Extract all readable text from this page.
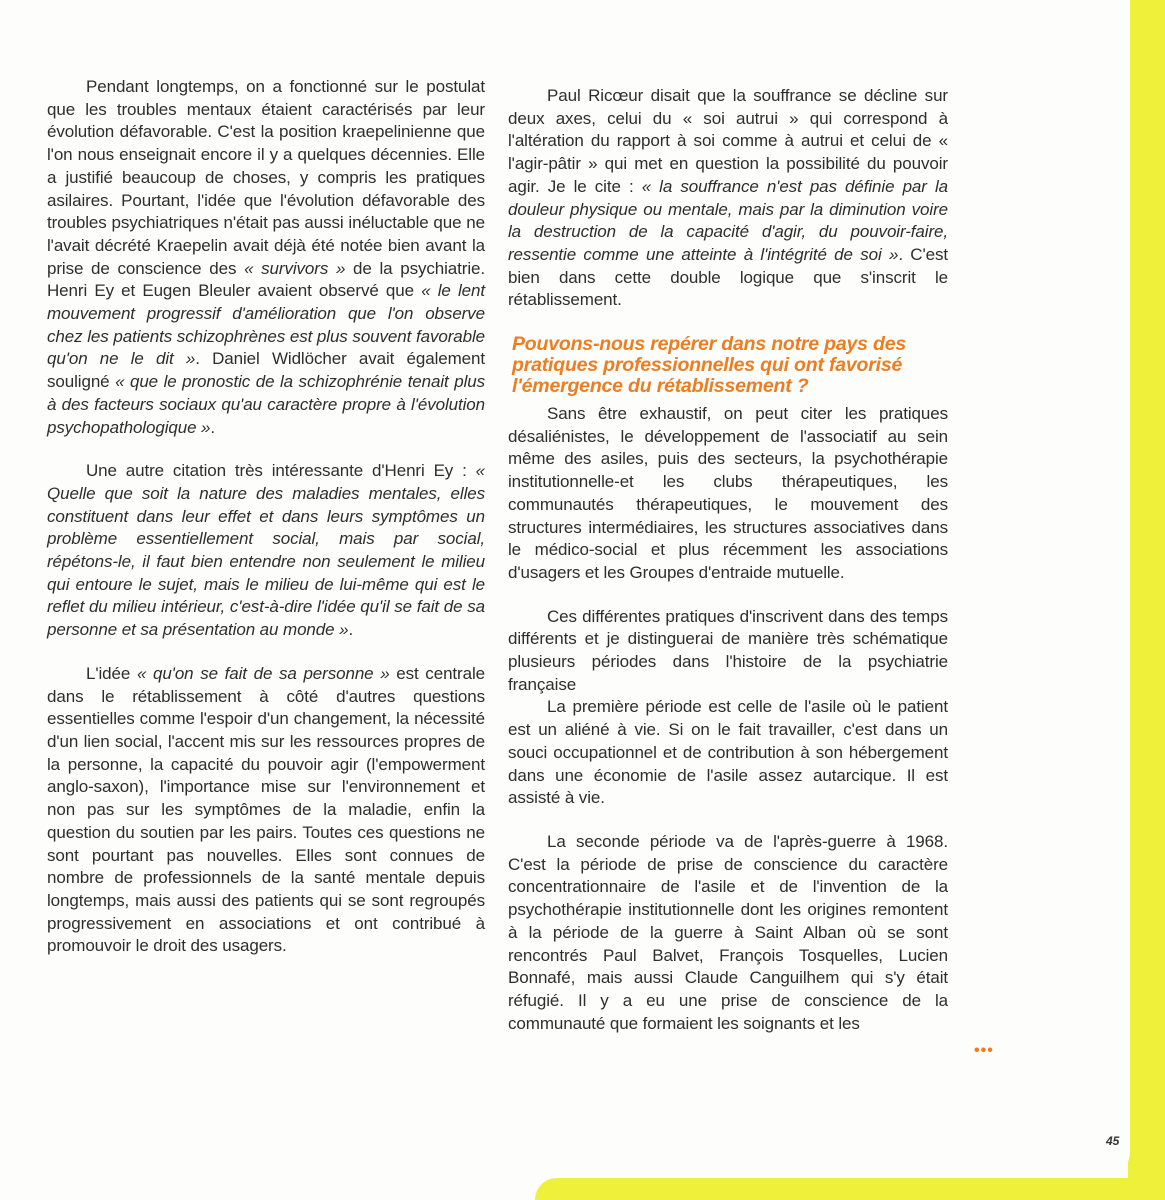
Pendant longtemps, on a fonctionné sur le postulat que les troubles mentaux étaient caractérisés par leur évolution défavorable. C'est la position kraepelinienne que l'on nous enseignait encore il y a quelques décennies. Elle a justifié beaucoup de choses, y compris les pratiques asilaires. Pourtant, l'idée que l'évolution défavorable des troubles psychiatriques n'était pas aussi inéluctable que ne l'avait décrété Kraepelin avait déjà été notée bien avant la prise de conscience des « survivors » de la psychiatrie. Henri Ey et Eugen Bleuler avaient observé que « le lent mouvement progressif d'amélioration que l'on observe chez les patients schizophrènes est plus souvent favorable qu'on ne le dit ». Daniel Widlöcher avait également souligné « que le pronostic de la schizophrénie tenait plus à des facteurs sociaux qu'au caractère propre à l'évolution psychopathologique ».

Une autre citation très intéressante d'Henri Ey : « Quelle que soit la nature des maladies mentales, elles constituent dans leur effet et dans leurs symptômes un problème essentiellement social, mais par social, répétons-le, il faut bien entendre non seulement le milieu qui entoure le sujet, mais le milieu de lui-même qui est le reflet du milieu intérieur, c'est-à-dire l'idée qu'il se fait de sa personne et sa présentation au monde ».

L'idée « qu'on se fait de sa personne » est centrale dans le rétablissement à côté d'autres questions essentielles comme l'espoir d'un changement, la nécessité d'un lien social, l'accent mis sur les ressources propres de la personne, la capacité du pouvoir agir (l'empowerment anglo-saxon), l'importance mise sur l'environnement et non pas sur les symptômes de la maladie, enfin la question du soutien par les pairs. Toutes ces questions ne sont pourtant pas nouvelles. Elles sont connues de nombre de professionnels de la santé mentale depuis longtemps, mais aussi des patients qui se sont regroupés progressivement en associations et ont contribué à promouvoir le droit des usagers.

Paul Ricœur disait que la souffrance se décline sur deux axes, celui du « soi autrui » qui correspond à l'altération du rapport à soi comme à autrui et celui de « l'agir-pâtir » qui met en question la possibilité du pouvoir agir. Je le cite : « la souffrance n'est pas définie par la douleur physique ou mentale, mais par la diminution voire la destruction de la capacité d'agir, du pouvoir-faire, ressentie comme une atteinte à l'intégrité de soi ». C'est bien dans cette double logique que s'inscrit le rétablissement.

Pouvons-nous repérer dans notre pays des pratiques professionnelles qui ont favorisé l'émergence du rétablissement ?

Sans être exhaustif, on peut citer les pratiques désaliénistes, le développement de l'associatif au sein même des asiles, puis des secteurs, la psychothérapie institutionnelle-et les clubs thérapeutiques, les communautés thérapeutiques, le mouvement des structures intermédiaires, les structures associatives dans le médico-social et plus récemment les associations d'usagers et les Groupes d'entraide mutuelle.

Ces différentes pratiques d'inscrivent dans des temps différents et je distinguerai de manière très schématique plusieurs périodes dans l'histoire de la psychiatrie française

La première période est celle de l'asile où le patient est un aliéné à vie. Si on le fait travailler, c'est dans un souci occupationnel et de contribution à son hébergement dans une économie de l'asile assez autarcique. Il est assisté à vie.

La seconde période va de l'après-guerre à 1968. C'est la période de prise de conscience du caractère concentrationnaire de l'asile et de l'invention de la psychothérapie institutionnelle dont les origines remontent à la période de la guerre à Saint Alban où se sont rencontrés Paul Balvet, François Tosquelles, Lucien Bonnafé, mais aussi Claude Canguilhem qui s'y était réfugié. Il y a eu une prise de conscience de la communauté que formaient les soignants et les

•••
45
